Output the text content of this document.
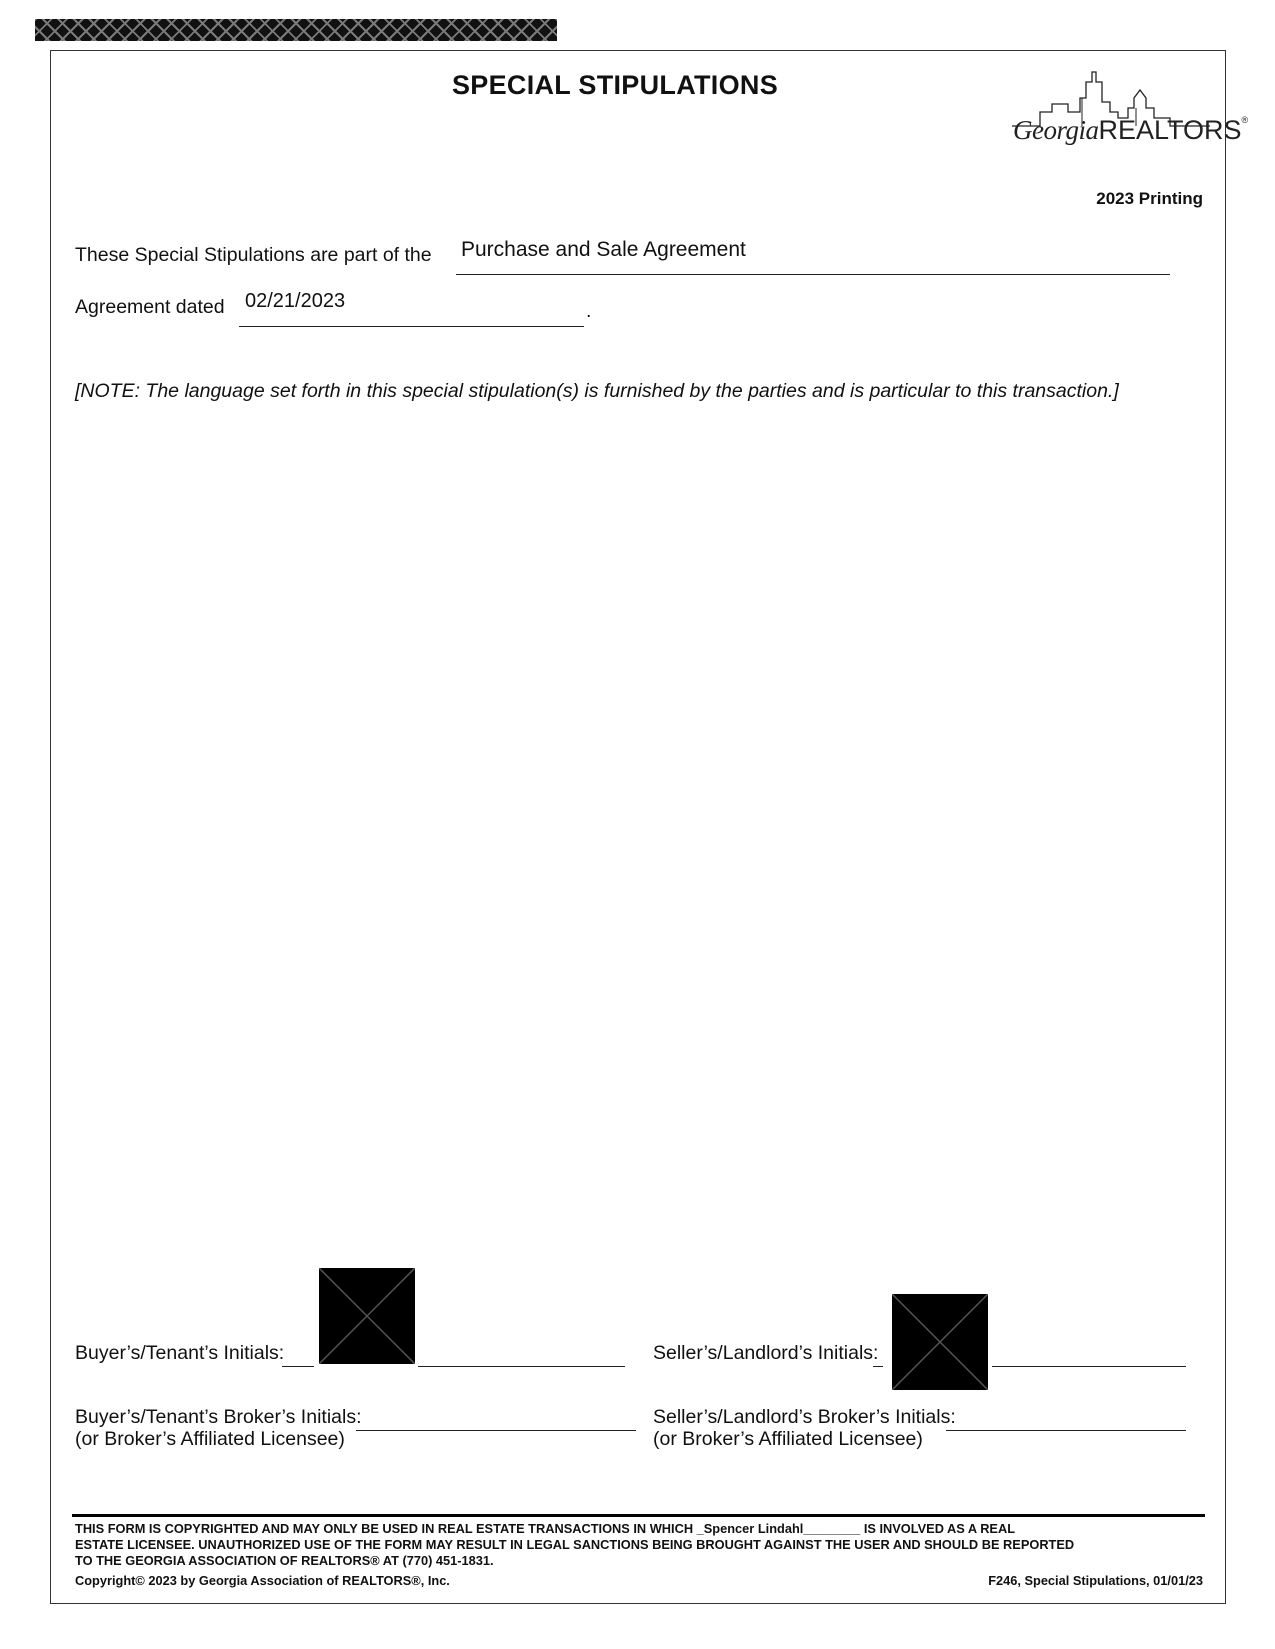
SPECIAL STIPULATIONS
GeorgiaREALTORS®
2023 Printing
These Special Stipulations are part of the Purchase and Sale Agreement
Agreement dated 02/21/2023	.
[NOTE: The language set forth in this special stipulation(s) is furnished by the parties and is particular to this transaction.]
Buyer’s/Tenant’s Initials:	Seller’s/Landlord’s Initials:
Buyer’s/Tenant’s Broker’s Initials:
(or Broker’s Affiliated Licensee)
Seller’s/Landlord’s Broker’s Initials:
(or Broker’s Affiliated Licensee)
THIS FORM IS COPYRIGHTED AND MAY ONLY BE USED IN REAL ESTATE TRANSACTIONS IN WHICH _Spencer Lindahl________ IS INVOLVED AS A REAL
ESTATE LICENSEE. UNAUTHORIZED USE OF THE FORM MAY RESULT IN LEGAL SANCTIONS BEING BROUGHT AGAINST THE USER AND SHOULD BE REPORTED
TO THE GEORGIA ASSOCIATION OF REALTORS® AT (770) 451-1831.
Copyright© 2023 by Georgia Association of REALTORS®, Inc.	F246, Special Stipulations, 01/01/23
